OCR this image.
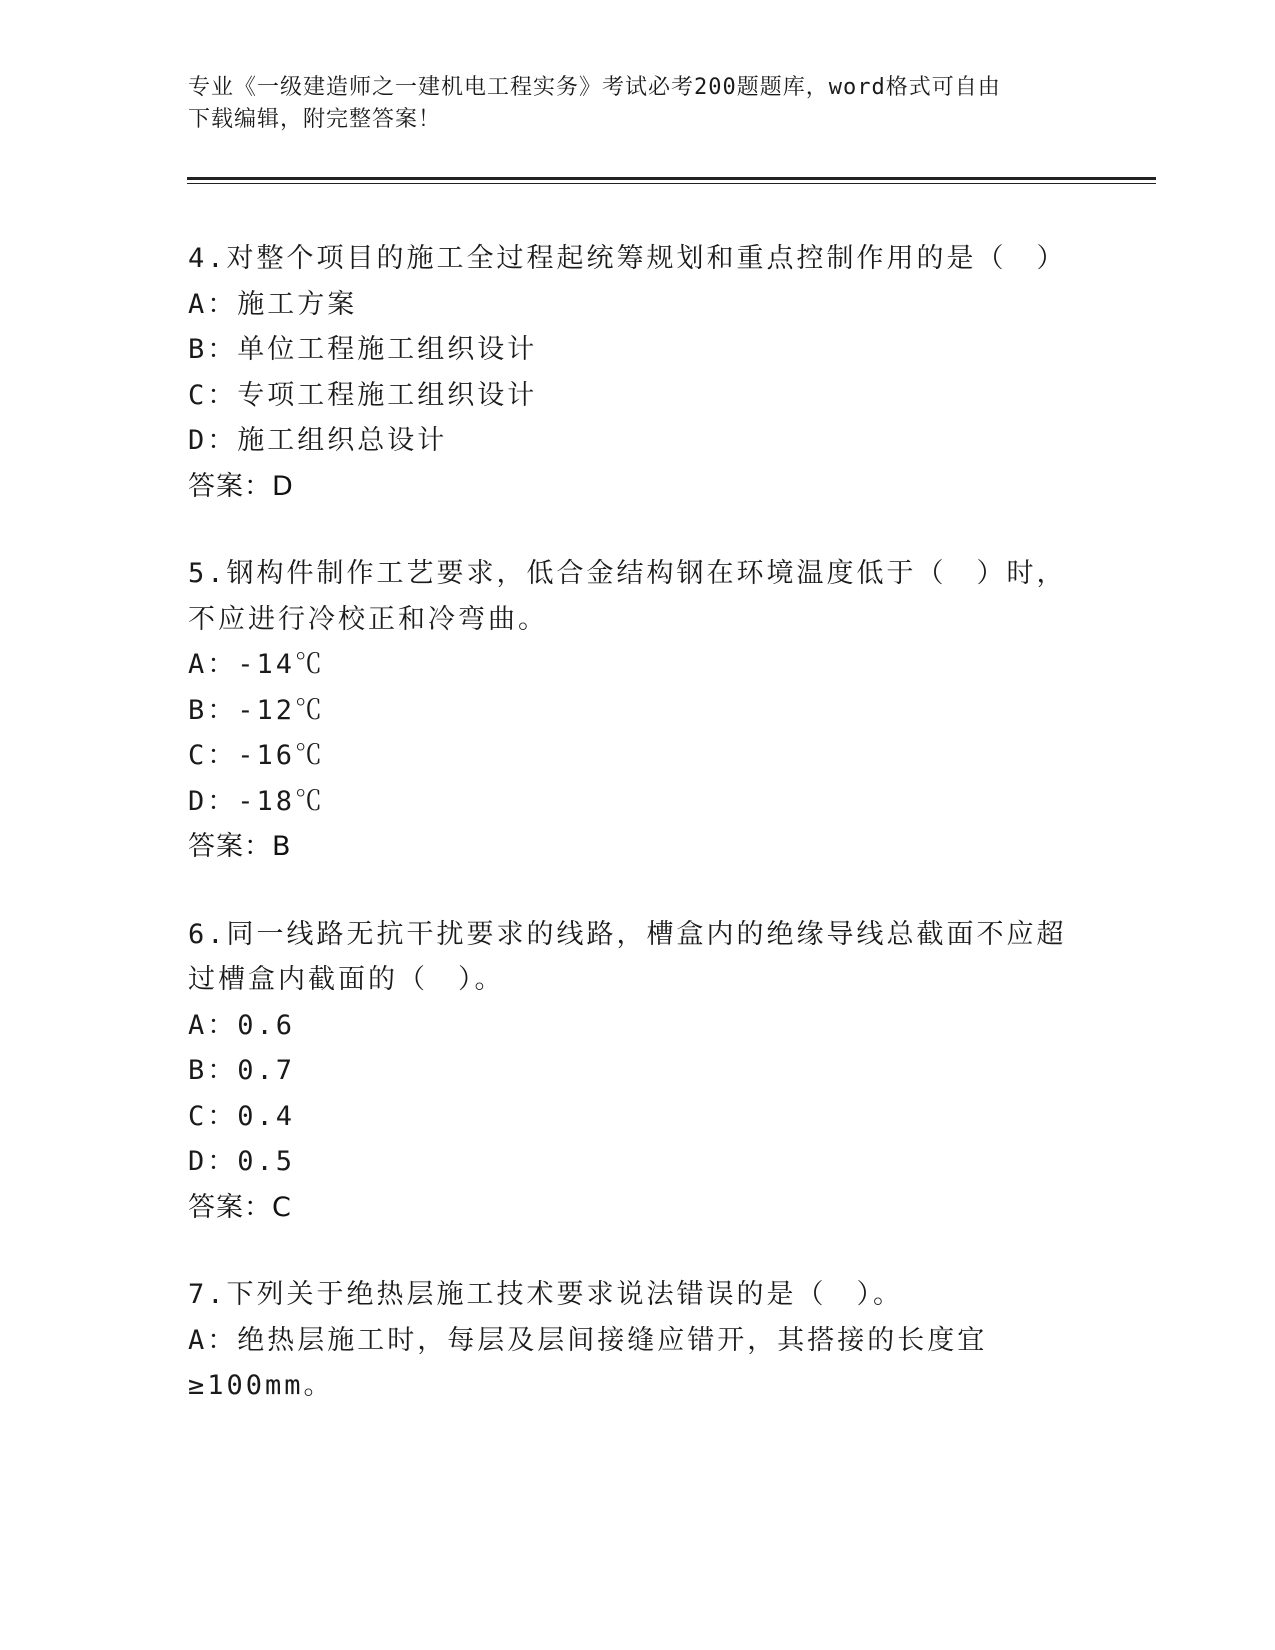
专业《一级建造师之一建机电工程实务》考试必考200题题库，word格式可自由
下载编辑，附完整答案！

4.对整个项目的施工全过程起统筹规划和重点控制作用的是（　）

A：施工方案

B：单位工程施工组织设计

C：专项工程施工组织设计

D：施工组织总设计

答案：D

5.钢构件制作工艺要求，低合金结构钢在环境温度低于（　）时，不应进行冷校正和冷弯曲。

A：-14℃

B：-12℃

C：-16℃

D：-18℃

答案：B

6.同一线路无抗干扰要求的线路，槽盒内的绝缘导线总截面不应超过槽盒内截面的（　）。

A：0.6

B：0.7

C：0.4

D：0.5

答案：C

7.下列关于绝热层施工技术要求说法错误的是（　）。

A：绝热层施工时，每层及层间接缝应错开，其搭接的长度宜≥100mm。
